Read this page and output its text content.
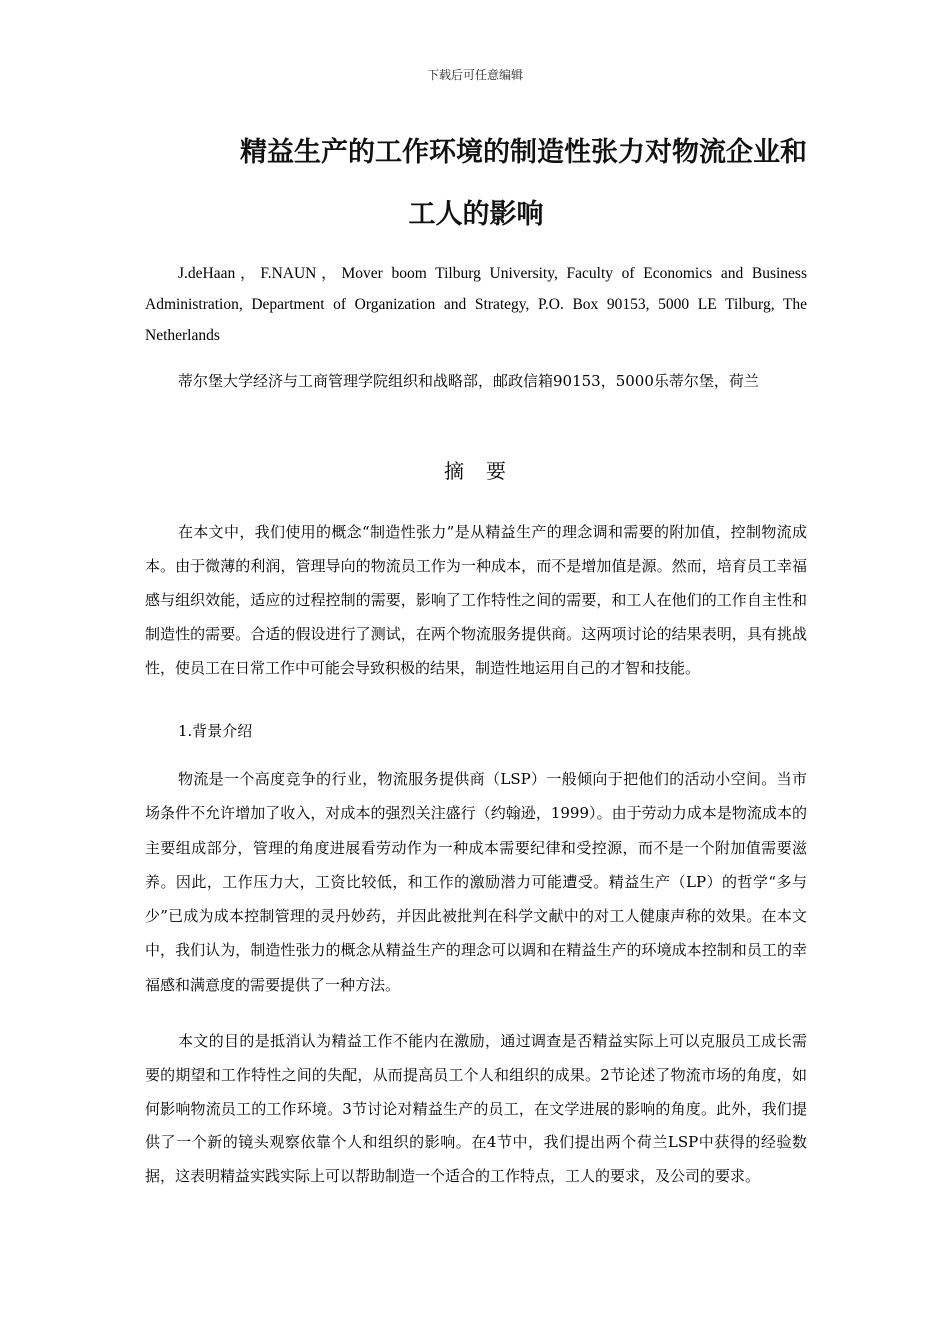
下载后可任意编辑
精益生产的工作环境的制造性张力对物流企业和
工人的影响

J.deHaan，F.NAUN，Mover boom Tilburg University, Faculty of Economics and Business Administration, Department of Organization and Strategy, P.O. Box 90153, 5000 LE Tilburg, The Netherlands

蒂尔堡大学经济与工商管理学院组织和战略部，邮政信箱90153，5000乐蒂尔堡，荷兰

摘要

在本文中，我们使用的概念“制造性张力”是从精益生产的理念调和需要的附加值，控制物流成本。由于微薄的利润，管理导向的物流员工作为一种成本，而不是增加值是源。然而，培育员工幸福感与组织效能，适应的过程控制的需要，影响了工作特性之间的需要，和工人在他们的工作自主性和制造性的需要。合适的假设进行了测试，在两个物流服务提供商。这两项讨论的结果表明，具有挑战性，使员工在日常工作中可能会导致积极的结果，制造性地运用自己的才智和技能。

1.背景介绍

物流是一个高度竞争的行业，物流服务提供商（LSP）一般倾向于把他们的活动小空间。当市场条件不允许增加了收入，对成本的强烈关注盛行（约翰逊，1999）。由于劳动力成本是物流成本的主要组成部分，管理的角度进展看劳动作为一种成本需要纪律和受控源，而不是一个附加值需要滋养。因此，工作压力大，工资比较低，和工作的激励潜力可能遭受。精益生产（LP）的哲学“多与少”已成为成本控制管理的灵丹妙药，并因此被批判在科学文献中的对工人健康声称的效果。在本文中，我们认为，制造性张力的概念从精益生产的理念可以调和在精益生产的环境成本控制和员工的幸福感和满意度的需要提供了一种方法。

本文的目的是抵消认为精益工作不能内在激励，通过调查是否精益实际上可以克服员工成长需要的期望和工作特性之间的失配，从而提高员工个人和组织的成果。2节论述了物流市场的角度，如何影响物流员工的工作环境。3节讨论对精益生产的员工，在文学进展的影响的角度。此外，我们提供了一个新的镜头观察依靠个人和组织的影响。在4节中，我们提出两个荷兰LSP中获得的经验数据，这表明精益实践实际上可以帮助制造一个适合的工作特点，工人的要求，及公司的要求。
